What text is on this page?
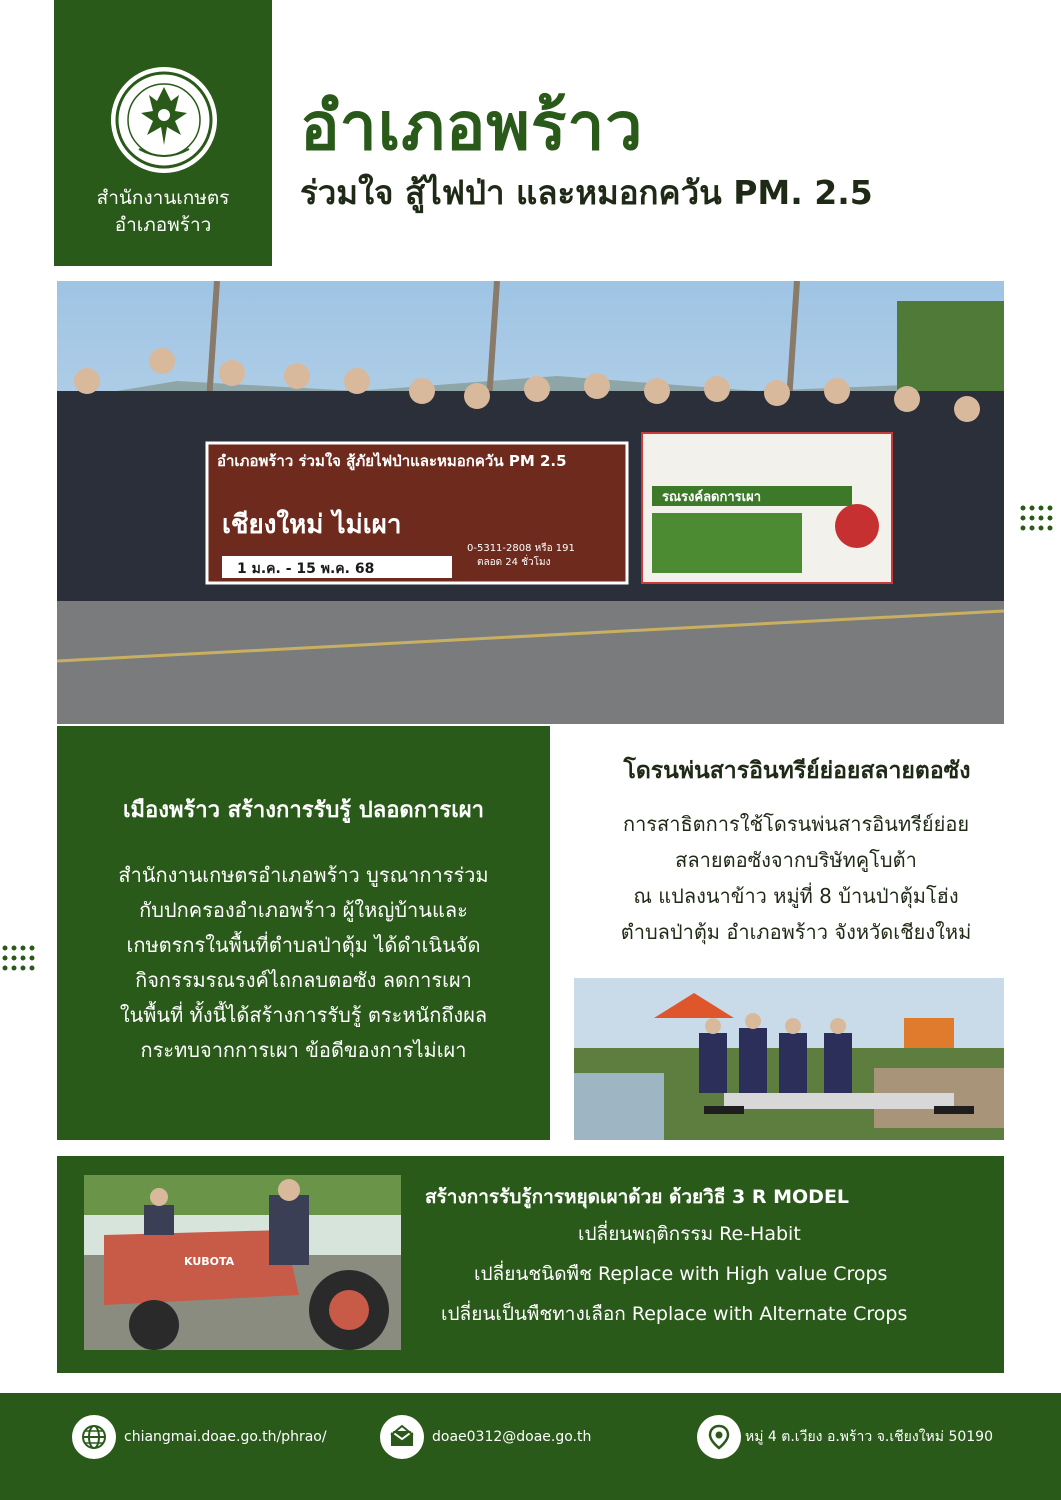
สำนักงานเกษตร
อำเภอพร้าว
อำเภอพร้าว
ร่วมใจ สู้ไฟป่า และหมอกควัน PM. 2.5
อำเภอพร้าว ร่วมใจ สู้ภัยไฟป่าและหมอกควัน PM 2.5
เชียงใหม่ ไม่เผา
1 ม.ค. - 15 พ.ค. 68
0-5311-2808 หรือ 191
ตลอด 24 ชั่วโมง
รณรงค์ลดการเผา
เมืองพร้าว สร้างการรับรู้ ปลอดการเผา
สำนักงานเกษตรอำเภอพร้าว บูรณาการร่วม
กับปกครองอำเภอพร้าว ผู้ใหญ่บ้านและ
เกษตรกรในพื้นที่ตำบลป่าตุ้ม ได้ดำเนินจัด
กิจกรรมรณรงค์ไถกลบตอซัง ลดการเผา
ในพื้นที่ ทั้งนี้ได้สร้างการรับรู้ ตระหนักถึงผล
กระทบจากการเผา ข้อดีของการไม่เผา
โดรนพ่นสารอินทรีย์ย่อยสลายตอซัง
การสาธิตการใช้โดรนพ่นสารอินทรีย์ย่อย
สลายตอซังจากบริษัทคูโบต้า
ณ แปลงนาข้าว หมู่ที่ 8 บ้านป่าตุ้มโฮ่ง
ตำบลป่าตุ้ม อำเภอพร้าว จังหวัดเชียงใหม่
สร้างการรับรู้การหยุดเผาด้วย ด้วยวิธี 3 R MODEL
เปลี่ยนพฤติกรรม Re-Habit
เปลี่ยนชนิดพืช Replace with High value Crops
เปลี่ยนเป็นพืชทางเลือก Replace with Alternate Crops
KUBOTA
chiangmai.doae.go.th/phrao/	doae0312@doae.go.th	หมู่ 4 ต.เวียง อ.พร้าว จ.เชียงใหม่ 50190
